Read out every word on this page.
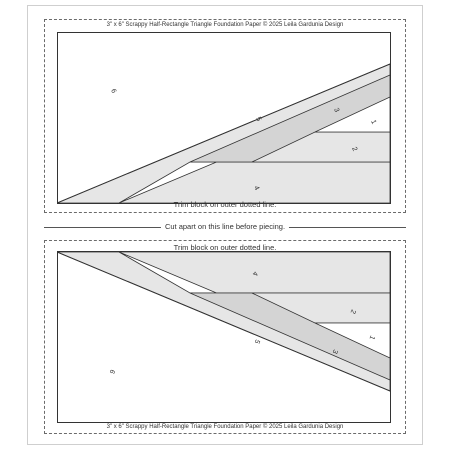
3" x 6" Scrappy Half-Rectangle Triangle Foundation Paper © 2025 Leila Gardunia Design
6
5
3
1
2
4
Trim block on outer dotted line.
Cut apart on this line before piecing.
Trim block on outer dotted line.
4
2
1
3
5
6
3" x 6" Scrappy Half-Rectangle Triangle Foundation Paper © 2025 Leila Gardunia Design
